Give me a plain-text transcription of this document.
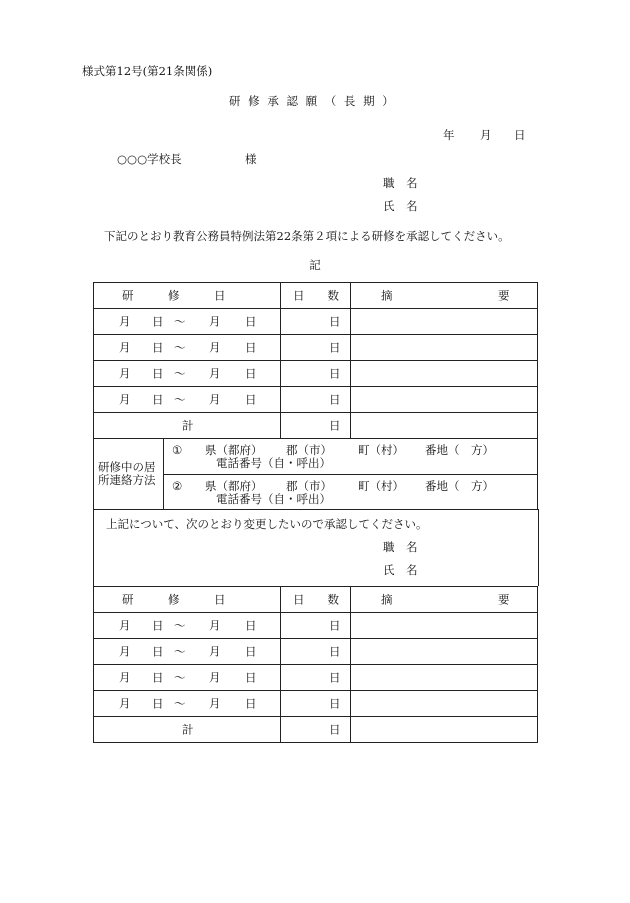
様式第12号(第21条関係)
研 修 承 認 願 （ 長 期 ）
年 月 日
○○○学校長	様
職　名
氏　名
下記のとおり教育公務員特例法第22条第２項による研修を承認してください。
記
研　　　修　　　日	日　　数	摘 要

月 日 〜 月 日	日	

月 日 〜 月 日	日	

月 日 〜 月 日	日	

月 日 〜 月 日	日	

計	日	

研修中の居
所連絡方法

① 県（都府） 郡（市） 町（村） 番地（　方）
電話番号（自・呼出）

② 県（都府） 郡（市） 町（村） 番地（　方）
電話番号（自・呼出）
上記について、次のとおり変更したいので承認してください。
職　名
氏　名
研　　　修　　　日	日　　数	摘 要

月 日 〜 月 日	日	

月 日 〜 月 日	日	

月 日 〜 月 日	日	

月 日 〜 月 日	日	

計	日	
